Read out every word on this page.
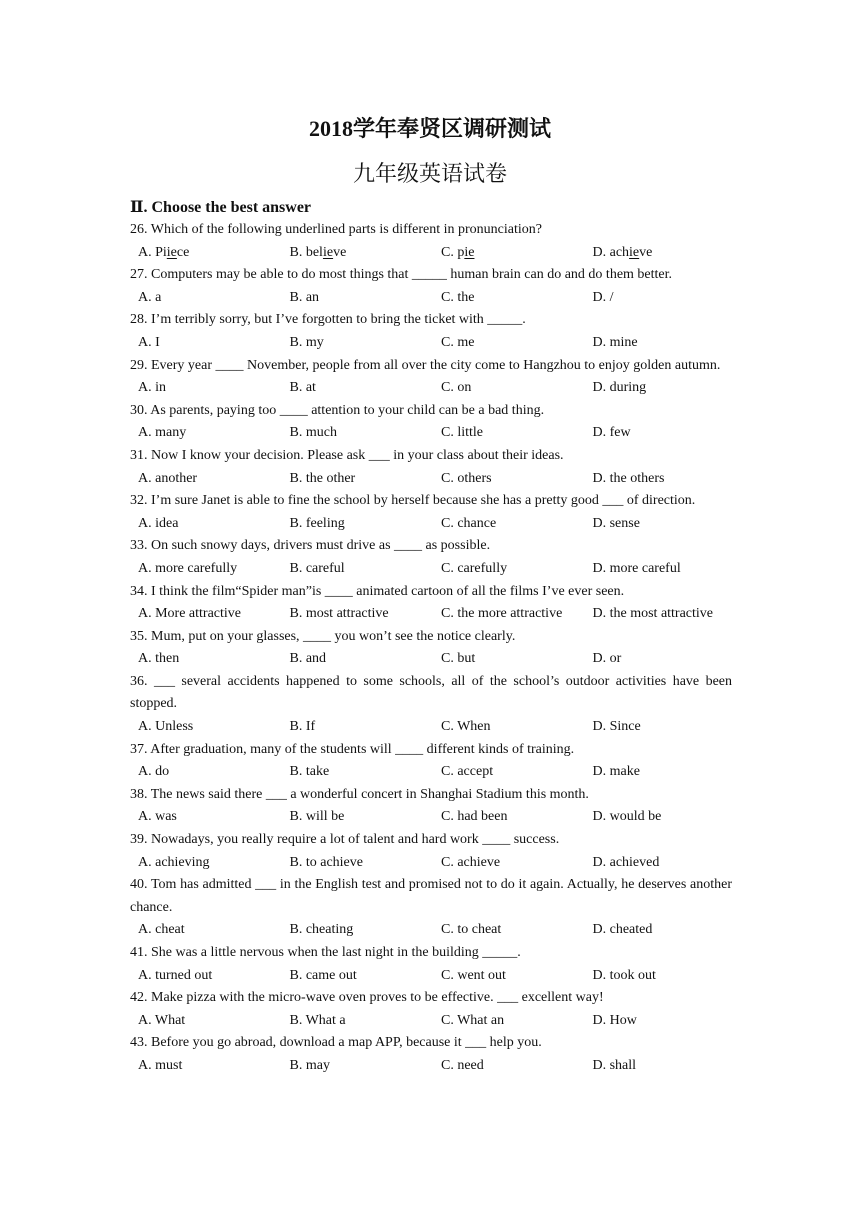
2018学年奉贤区调研测试
九年级英语试卷
Ⅱ. Choose the best answer
26. Which of the following underlined parts is different in pronunciation?
A. Piiece	B. believe	C. pie	D. achieve
27. Computers may be able to do most things that _____ human brain can do and do them better.
A. a	B. an	C. the	D. /
28. I’m terribly sorry, but I’ve forgotten to bring the ticket with _____.
A. I	B. my	C. me	D. mine
29. Every year ____ November, people from all over the city come to Hangzhou to enjoy golden autumn.
A. in	B. at	C. on	D. during
30. As parents, paying too ____ attention to your child can be a bad thing.
A. many	B. much	C. little	D. few
31. Now I know your decision. Please ask ___ in your class about their ideas.
A. another	B. the other	C. others	D. the others
32. I’m sure Janet is able to fine the school by herself because she has a pretty good ___ of direction.
A. idea	B. feeling	C. chance	D. sense
33. On such snowy days, drivers must drive as ____ as possible.
A. more carefully	B. careful	C. carefully	D. more careful
34. I think the film“Spider man”is ____ animated cartoon of all the films I’ve ever seen.
A. More attractive	B. most attractive	C. the more attractive	D. the most attractive
35. Mum, put on your glasses, ____ you won’t see the notice clearly.
A. then	B. and	C. but	D. or
36. ___ several accidents happened to some schools, all of the school’s outdoor activities have been stopped.
A. Unless	B. If	C. When	D. Since
37. After graduation, many of the students will ____ different kinds of training.
A. do	B. take	C. accept	D. make
38. The news said there ___ a wonderful concert in Shanghai Stadium this month.
A. was	B. will be	C. had been	D. would be
39. Nowadays, you really require a lot of talent and hard work ____ success.
A. achieving	B. to achieve	C. achieve	D. achieved
40. Tom has admitted ___ in the English test and promised not to do it again. Actually, he deserves another chance.
A. cheat	B. cheating	C. to cheat	D. cheated
41. She was a little nervous when the last night in the building _____.
A. turned out	B. came out	C. went out	D. took out
42. Make pizza with the micro-wave oven proves to be effective. ___ excellent way!
A. What	B. What a	C. What an	D. How
43. Before you go abroad, download a map APP, because it ___ help you.
A. must	B. may	C. need	D. shall
